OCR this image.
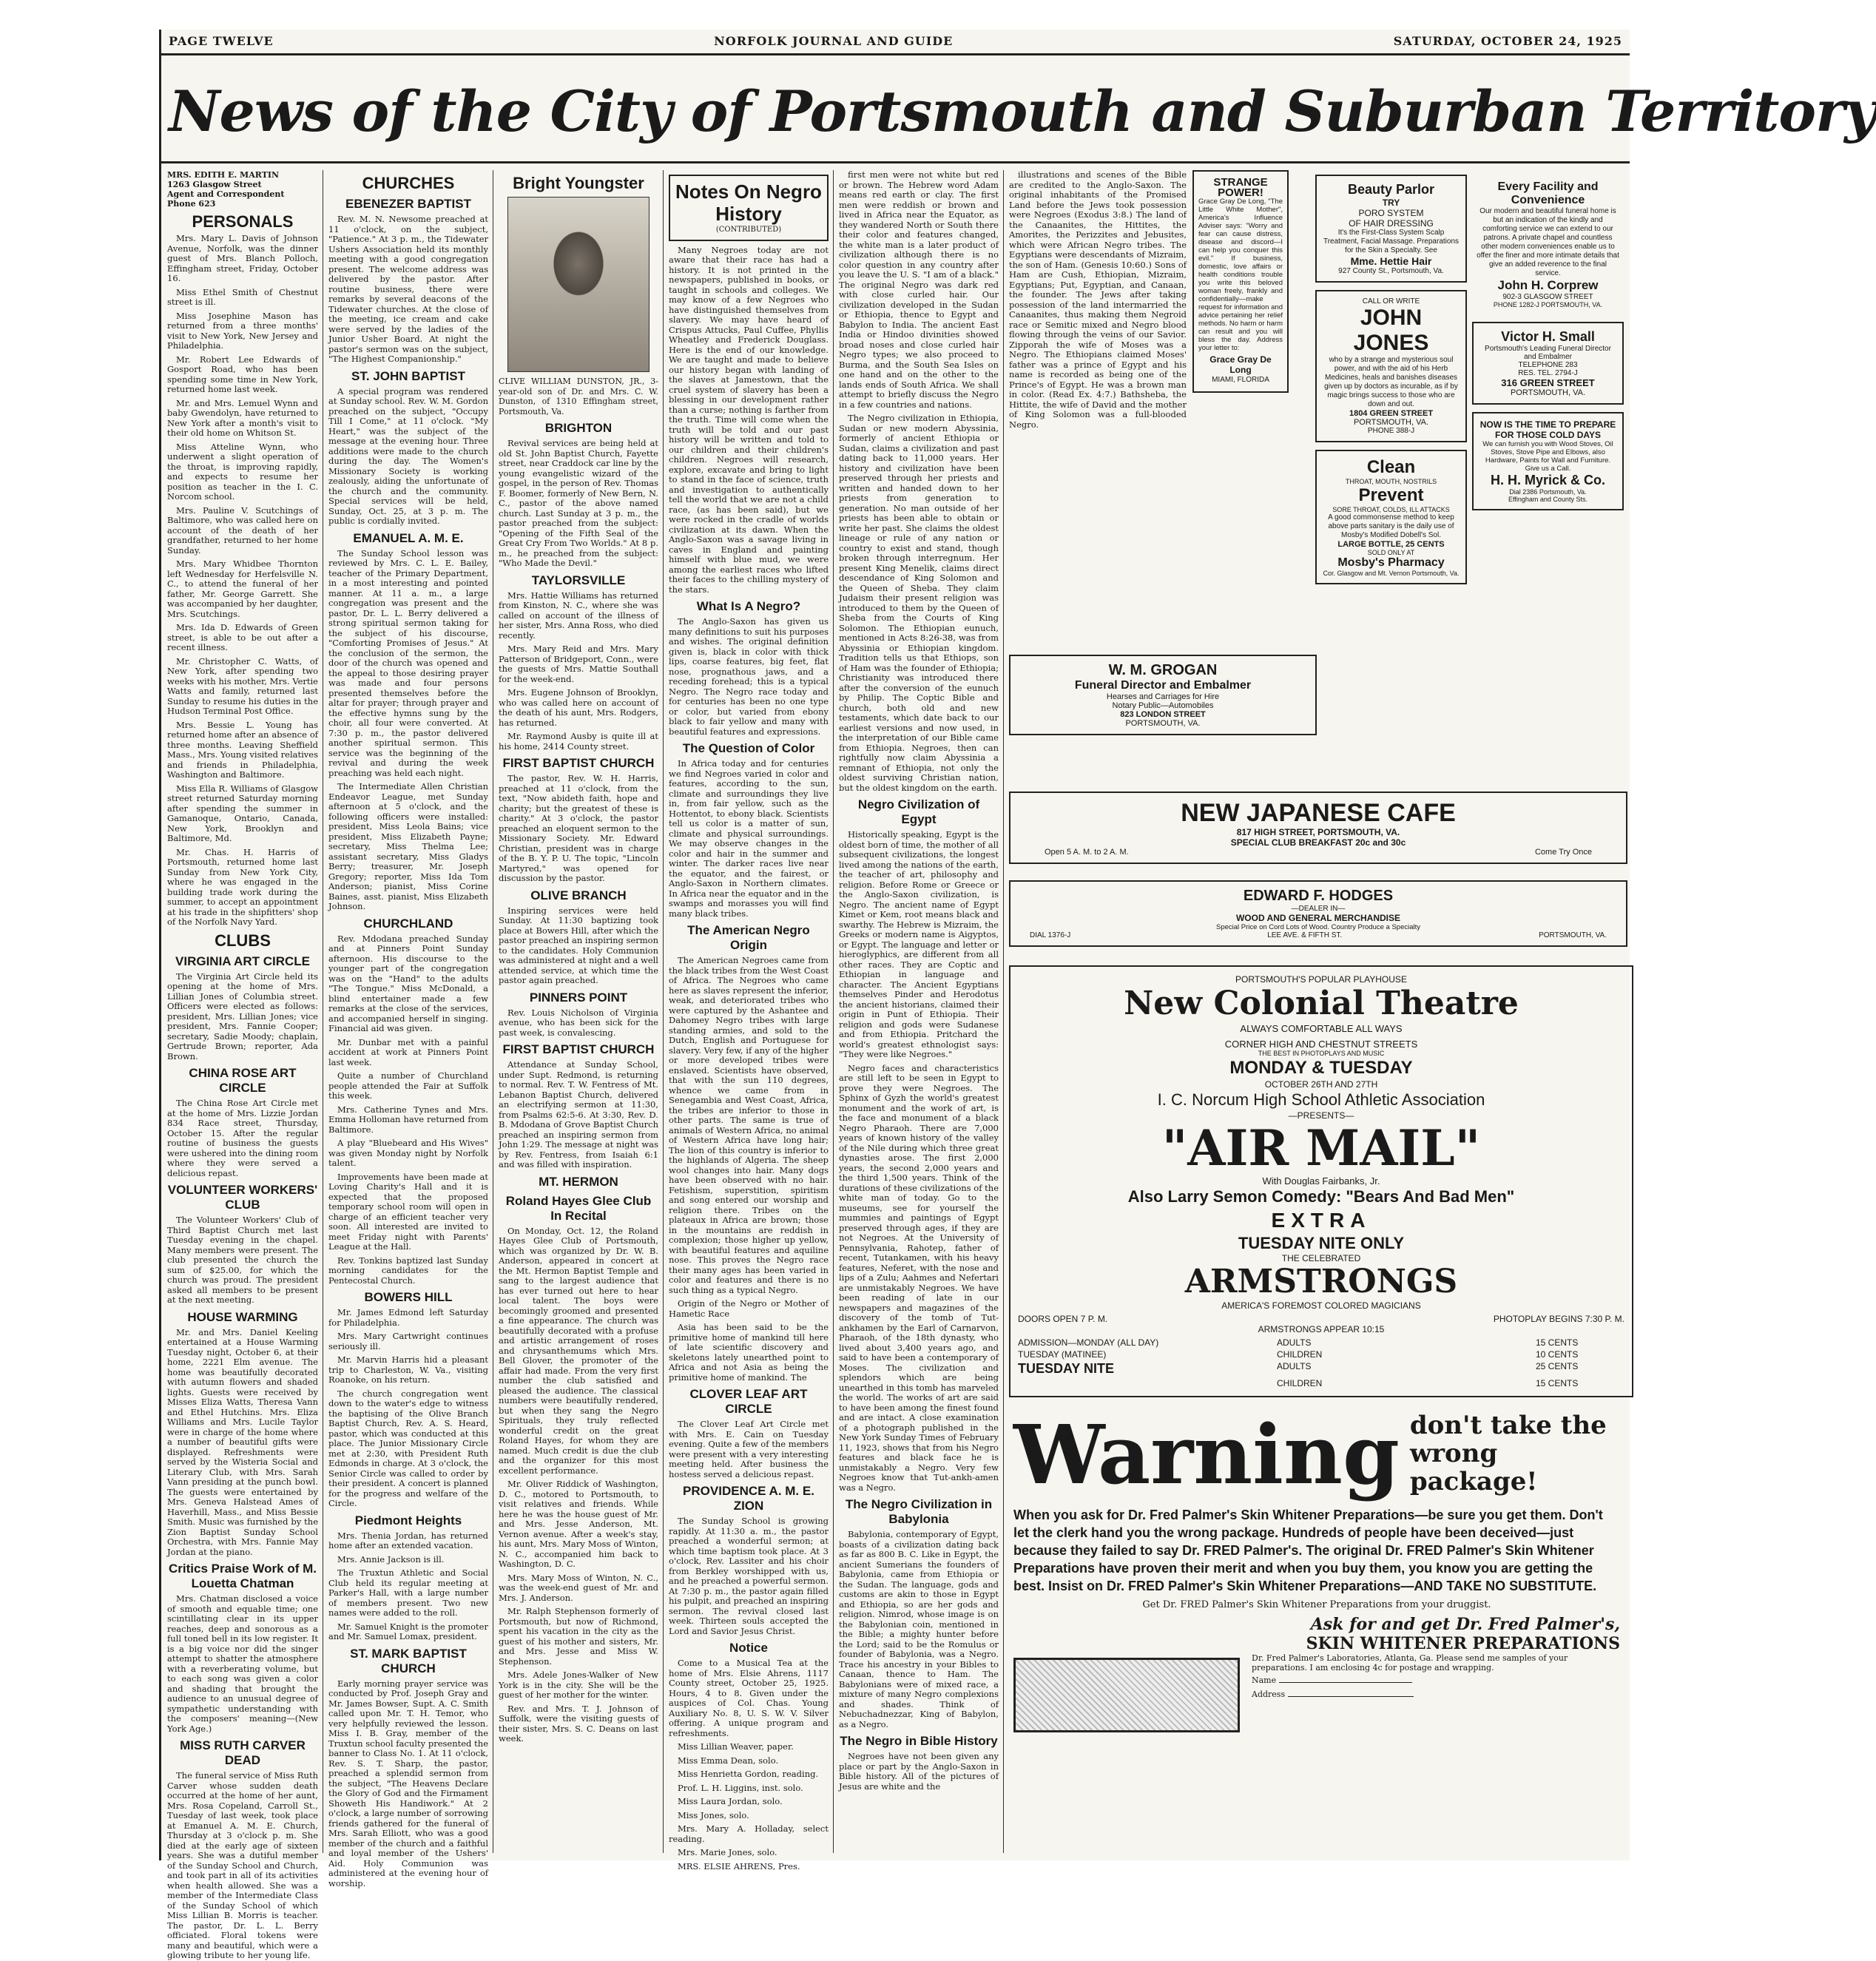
PAGE TWELVE	NORFOLK JOURNAL AND GUIDE	SATURDAY, OCTOBER 24, 1925
News of the City of Portsmouth and Suburban Territory
MRS. EDITH E. MARTIN
1263 Glasgow Street
Agent and Correspondent
Phone 623
PERSONALS
Mrs. Mary L. Davis of Johnson Avenue, Norfolk, was the dinner guest of Mrs. Blanch Polloch, Effingham street, Friday, October 16.
Miss Ethel Smith of Chestnut street is ill.
Miss Josephine Mason has returned from a three months' visit to New York, New Jersey and Philadelphia.
Mr. Robert Lee Edwards of Gosport Road, who has been spending some time in New York, returned home last week.
Mr. and Mrs. Lemuel Wynn and baby Gwendolyn, have returned to New York after a month's visit to their old home on Whitson St.
Miss Atteline Wynn, who underwent a slight operation of the throat, is improving rapidly, and expects to resume her position as teacher in the I. C. Norcom school.
Mrs. Pauline V. Scutchings of Baltimore, who was called here on account of the death of her grandfather, returned to her home Sunday.
Mrs. Mary Whidbee Thornton left Wednesday for Herfelsville N. C., to attend the funeral of her father, Mr. George Garrett. She was accompanied by her daughter, Mrs. Scutchings.
Mrs. Ida D. Edwards of Green street, is able to be out after a recent illness.
Mr. Christopher C. Watts, of New York, after spending two weeks with his mother, Mrs. Vertie Watts and family, returned last Sunday to resume his duties in the Hudson Terminal Post Office.
Mrs. Bessie L. Young has returned home after an absence of three months. Leaving Sheffield Mass., Mrs. Young visited relatives and friends in Philadelphia, Washington and Baltimore.
Miss Ella R. Williams of Glasgow street returned Saturday morning after spending the summer in Gamanoque, Ontario, Canada, New York, Brooklyn and Baltimore, Md.
Mr. Chas. H. Harris of Portsmouth, returned home last Sunday from New York City, where he was engaged in the building trade work during the summer, to accept an appointment at his trade in the shipfitters' shop of the Norfolk Navy Yard.
CLUBS
VIRGINIA ART CIRCLE
The Virginia Art Circle held its opening at the home of Mrs. Lillian Jones of Columbia street. Officers were elected as follows: president, Mrs. Lillian Jones; vice president, Mrs. Fannie Cooper; secretary, Sadie Moody; chaplain, Gertrude Brown; reporter, Ada Brown.
CHINA ROSE ART CIRCLE
The China Rose Art Circle met at the home of Mrs. Lizzie Jordan 834 Race street, Thursday, October 15. After the regular routine of business the guests were ushered into the dining room where they were served a delicious repast.
VOLUNTEER WORKERS' CLUB
The Volunteer Workers' Club of Third Baptist Church met last Tuesday evening in the chapel. Many members were present. The club presented the church the sum of $25.00, for which the church was proud. The president asked all members to be present at the next meeting.
HOUSE WARMING
Mr. and Mrs. Daniel Keeling entertained at a House Warming Tuesday night, October 6, at their home, 2221 Elm avenue. The home was beautifully decorated with autumn flowers and shaded lights. Guests were received by Misses Eliza Watts, Theresa Vann and Ethel Hutchins. Mrs. Eliza Williams and Mrs. Lucile Taylor were in charge of the home where a number of beautiful gifts were displayed. Refreshments were served by the Wisteria Social and Literary Club, with Mrs. Sarah Vann presiding at the punch bowl. The guests were entertained by Mrs. Geneva Halstead Ames of Haverhill, Mass., and Miss Bessie Smith. Music was furnished by the Zion Baptist Sunday School Orchestra, with Mrs. Fannie May Jordan at the piano.
Critics Praise Work of M. Louetta Chatman
Mrs. Chatman disclosed a voice of smooth and equable time; one scintillating clear in its upper reaches, deep and sonorous as a full toned bell in its low register. It is a big voice nor did the singer attempt to shatter the atmosphere with a reverberating volume, but to each song was given a color and shading that brought the audience to an unusual degree of sympathetic understanding with the composers' meaning—(New York Age.)
MISS RUTH CARVER DEAD
The funeral service of Miss Ruth Carver whose sudden death occurred at the home of her aunt, Mrs. Rosa Copeland, Carroll St., Tuesday of last week, took place at Emanuel A. M. E. Church, Thursday at 3 o'clock p. m. She died at the early age of sixteen years. She was a dutiful member of the Sunday School and Church, and took part in all of its activities when health allowed. She was a member of the Intermediate Class of the Sunday School of which Miss Lillian B. Morris is teacher. The pastor, Dr. L. L. Berry officiated. Floral tokens were many and beautiful, which were a glowing tribute to her young life.
CHURCHES
EBENEZER BAPTIST
Rev. M. N. Newsome preached at 11 o'clock, on the subject, "Patience." At 3 p. m., the Tidewater Ushers Association held its monthly meeting with a good congregation present. The welcome address was delivered by the pastor. After routine business, there were remarks by several deacons of the Tidewater churches. At the close of the meeting, ice cream and cake were served by the ladies of the Junior Usher Board. At night the pastor's sermon was on the subject, "The Highest Companionship."
ST. JOHN BAPTIST
A special program was rendered at Sunday school. Rev. W. M. Gordon preached on the subject, "Occupy Till I Come," at 11 o'clock. "My Heart," was the subject of the message at the evening hour. Three additions were made to the church during the day. The Women's Missionary Society is working zealously, aiding the unfortunate of the church and the community. Special services will be held, Sunday, Oct. 25, at 3 p. m. The public is cordially invited.
EMANUEL A. M. E.
The Sunday School lesson was reviewed by Mrs. C. L. E. Bailey, teacher of the Primary Department, in a most interesting and pointed manner. At 11 a. m., a large congregation was present and the pastor, Dr. L. L. Berry delivered a strong spiritual sermon taking for the subject of his discourse, "Comforting Promises of Jesus." At the conclusion of the sermon, the door of the church was opened and the appeal to those desiring prayer was made and four persons presented themselves before the altar for prayer; through prayer and the effective hymns sung by the choir, all four were converted. At 7:30 p. m., the pastor delivered another spiritual sermon. This service was the beginning of the revival and during the week preaching was held each night.
The Intermediate Allen Christian Endeavor League, met Sunday afternoon at 5 o'clock, and the following officers were installed: president, Miss Leola Bains; vice president, Miss Elizabeth Payne; secretary, Miss Thelma Lee; assistant secretary, Miss Gladys Berry; treasurer, Mr. Joseph Gregory; reporter, Miss Ida Tom Anderson; pianist, Miss Corine Baines, asst. pianist, Miss Elizabeth Johnson.
CHURCHLAND
Rev. Mdodana preached Sunday and at Pinners Point Sunday afternoon. His discourse to the younger part of the congregation was on the "Hand" to the adults "The Tongue." Miss McDonald, a blind entertainer made a few remarks at the close of the services, and accompanied herself in singing. Financial aid was given.
Mr. Dunbar met with a painful accident at work at Pinners Point last week.
Quite a number of Churchland people attended the Fair at Suffolk this week.
Mrs. Catherine Tynes and Mrs. Emma Holloman have returned from Baltimore.
A play "Bluebeard and His Wives" was given Monday night by Norfolk talent.
Improvements have been made at Loving Charity's Hall and it is expected that the proposed temporary school room will open in charge of an efficient teacher very soon. All interested are invited to meet Friday night with Parents' League at the Hall.
Rev. Tonkins baptized last Sunday morning candidates for the Pentecostal Church.
BOWERS HILL
Mr. James Edmond left Saturday for Philadelphia.
Mrs. Mary Cartwright continues seriously ill.
Mr. Marvin Harris hid a pleasant trip to Charleston, W. Va., visiting Roanoke, on his return.
The church congregation went down to the water's edge to witness the baptising of the Olive Branch Baptist Church, Rev. A. S. Heard, pastor, which was conducted at this place. The Junior Missionary Circle met at 2:30, with President Ruth Edmonds in charge. At 3 o'clock, the Senior Circle was called to order by their president. A concert is planned for the progress and welfare of the Circle.
Piedmont Heights
Mrs. Thenia Jordan, has returned home after an extended vacation.
Mrs. Annie Jackson is ill.
The Truxtun Athletic and Social Club held its regular meeting at Parker's Hall, with a large number of members present. Two new names were added to the roll.
Mr. Samuel Knight is the promoter and Mr. Samuel Lomax, president.
ST. MARK BAPTIST CHURCH
Early morning prayer service was conducted by Prof. Joseph Gray and Mr. James Bowser, Supt. A. C. Smith called upon Mr. T. H. Temor, who very helpfully reviewed the lesson. Miss I. B. Gray, member of the Truxtun school faculty presented the banner to Class No. 1. At 11 o'clock, Rev. S. T. Sharp, the pastor, preached a splendid sermon from the subject, "The Heavens Declare the Glory of God and the Firmament Showeth His Handiwork." At 2 o'clock, a large number of sorrowing friends gathered for the funeral of Mrs. Sarah Elliott, who was a good member of the church and a faithful and loyal member of the Ushers' Aid. Holy Communion was administered at the evening hour of worship.
Bright Youngster
CLIVE WILLIAM DUNSTON, JR., 3-year-old son of Dr. and Mrs. C. W. Dunston, of 1310 Effingham street, Portsmouth, Va.
BRIGHTON
Revival services are being held at old St. John Baptist Church, Fayette street, near Craddock car line by the young evangelistic wizard of the gospel, in the person of Rev. Thomas F. Boomer, formerly of New Bern, N. C., pastor of the above named church. Last Sunday at 3 p. m., the pastor preached from the subject: "Opening of the Fifth Seal of the Great Cry From Two Worlds." At 8 p. m., he preached from the subject: "Who Made the Devil."
TAYLORSVILLE
Mrs. Hattie Williams has returned from Kinston, N. C., where she was called on account of the illness of her sister, Mrs. Anna Ross, who died recently.
Mrs. Mary Reid and Mrs. Mary Patterson of Bridgeport, Conn., were the guests of Mrs. Mattie Southall for the week-end.
Mrs. Eugene Johnson of Brooklyn, who was called here on account of the death of his aunt, Mrs. Rodgers, has returned.
Mr. Raymond Ausby is quite ill at his home, 2414 County street.
FIRST BAPTIST CHURCH
The pastor, Rev. W. H. Harris, preached at 11 o'clock, from the text, "Now abideth faith, hope and charity; but the greatest of these is charity." At 3 o'clock, the pastor preached an eloquent sermon to the Missionary Society. Mr. Edward Christian, president was in charge of the B. Y. P. U. The topic, "Lincoln Martyred," was opened for discussion by the pastor.
OLIVE BRANCH
Inspiring services were held Sunday. At 11:30 baptizing took place at Bowers Hill, after which the pastor preached an inspiring sermon to the candidates. Holy Communion was administered at night and a well attended service, at which time the pastor again preached.
PINNERS POINT
Rev. Louis Nicholson of Virginia avenue, who has been sick for the past week, is convalescing.
FIRST BAPTIST CHURCH
Attendance at Sunday School, under Supt. Redmond, is returning to normal. Rev. T. W. Fentress of Mt. Lebanon Baptist Church, delivered an electrifying sermon at 11:30, from Psalms 62:5-6. At 3:30, Rev. D. B. Mdodana of Grove Baptist Church preached an inspiring sermon from John 1:29. The message at night was by Rev. Fentress, from Isaiah 6:1 and was filled with inspiration.
MT. HERMON
Roland Hayes Glee Club In Recital
On Monday, Oct. 12, the Roland Hayes Glee Club of Portsmouth, which was organized by Dr. W. B. Anderson, appeared in concert at the Mt. Hermon Baptist Temple and sang to the largest audience that has ever turned out here to hear local talent. The boys were becomingly groomed and presented a fine appearance. The church was beautifully decorated with a profuse and artistic arrangement of roses and chrysanthemums which Mrs. Bell Glover, the promoter of the affair had made. From the very first number the club satisfied and pleased the audience. The classical numbers were beautifully rendered, but when they sang the Negro Spirituals, they truly reflected wonderful credit on the great Roland Hayes, for whom they are named. Much credit is due the club and the organizer for this most excellent performance.
Mr. Oliver Riddick of Washington, D. C., motored to Portsmouth, to visit relatives and friends. While here he was the house guest of Mr. and Mrs. Jesse Anderson, Mt. Vernon avenue. After a week's stay, his aunt, Mrs. Mary Moss of Winton, N. C., accompanied him back to Washington, D. C.
Mrs. Mary Moss of Winton, N. C., was the week-end guest of Mr. and Mrs. J. Anderson.
Mr. Ralph Stephenson formerly of Portsmouth, but now of Richmond, spent his vacation in the city as the guest of his mother and sisters, Mr. and Mrs. Jesse and Miss W. Stephenson.
Mrs. Adele Jones-Walker of New York is in the city. She will be the guest of her mother for the winter.
Rev. and Mrs. T. J. Johnson of Suffolk, were the visiting guests of their sister, Mrs. S. C. Deans on last week.
Notes On Negro History
(CONTRIBUTED)
Many Negroes today are not aware that their race has had a history. It is not printed in the newspapers, published in books, or taught in schools and colleges. We may know of a few Negroes who have distinguished themselves from slavery. We may have heard of Crispus Attucks, Paul Cuffee, Phyllis Wheatley and Frederick Douglass. Here is the end of our knowledge. We are taught and made to believe our history began with landing of the slaves at Jamestown, that the cruel system of slavery has been a blessing in our development rather than a curse; nothing is farther from the truth. Time will come when the truth will be told and our past history will be written and told to our children and their children's children. Negroes will research, explore, excavate and bring to light to stand in the face of science, truth and investigation to authentically tell the world that we are not a child race, (as has been said), but we were rocked in the cradle of worlds civilization at its dawn. When the Anglo-Saxon was a savage living in caves in England and painting himself with blue mud, we were among the earliest races who lifted their faces to the chilling mystery of the stars.
What Is A Negro?
The Anglo-Saxon has given us many definitions to suit his purposes and wishes. The original definition given is, black in color with thick lips, coarse features, big feet, flat nose, prognathous jaws, and a receding forehead; this is a typical Negro. The Negro race today and for centuries has been no one type or color, but varied from ebony black to fair yellow and many with beautiful features and expressions.
The Question of Color
In Africa today and for centuries we find Negroes varied in color and features, according to the sun, climate and surroundings they live in, from fair yellow, such as the Hottentot, to ebony black. Scientists tell us color is a matter of sun, climate and physical surroundings. We may observe changes in the color and hair in the summer and winter. The darker races live near the equator, and the fairest, or Anglo-Saxon in Northern climates. In Africa near the equator and in the swamps and morasses you will find many black tribes.
The American Negro Origin
The American Negroes came from the black tribes from the West Coast of Africa. The Negroes who came here as slaves represent the inferior, weak, and deteriorated tribes who were captured by the Ashantee and Dahomey Negro tribes with large standing armies, and sold to the Dutch, English and Portuguese for slavery. Very few, if any of the higher or more developed tribes were enslaved. Scientists have observed, that with the sun 110 degrees, whence we came from in Senegambia and West Coast, Africa, the tribes are inferior to those in other parts. The same is true of animals of Western Africa, no animal of Western Africa have long hair; The lion of this country is inferior to the highlands of Algeria. The sheep wool changes into hair. Many dogs have been observed with no hair. Fetishism, superstition, spiritism and song entered our worship and religion there. Tribes on the plateaux in Africa are brown; those in the mountains are reddish in complexion; those higher up yellow, with beautiful features and aquiline nose. This proves the Negro race their many ages has been varied in color and features and there is no such thing as a typical Negro.
Origin of the Negro or Mother of Hametic Race
Asia has been said to be the primitive home of mankind till here of late scientific discovery and skeletons lately unearthed point to Africa and not Asia as being the primitive home of mankind. The
CLOVER LEAF ART CIRCLE
The Clover Leaf Art Circle met with Mrs. E. Cain on Tuesday evening. Quite a few of the members were present with a very interesting meeting held. After business the hostess served a delicious repast.
PROVIDENCE A. M. E. ZION
The Sunday School is growing rapidly. At 11:30 a. m., the pastor preached a wonderful sermon; at which time baptism took place. At 3 o'clock, Rev. Lassiter and his choir from Berkley worshipped with us, and he preached a powerful sermon. At 7:30 p. m., the pastor again filled his pulpit, and preached an inspiring sermon. The revival closed last week. Thirteen souls accepted the Lord and Savior Jesus Christ.
Notice
Come to a Musical Tea at the home of Mrs. Elsie Ahrens, 1117 County street, October 25, 1925. Hours, 4 to 8. Given under the auspices of Col. Chas. Young Auxiliary No. 8, U. S. W. V. Silver offering. A unique program and refreshments.
Miss Lillian Weaver, paper.
Miss Emma Dean, solo.
Miss Henrietta Gordon, reading.
Prof. L. H. Liggins, inst. solo.
Miss Laura Jordan, solo.
Miss Jones, solo.
Mrs. Mary A. Holladay, select reading.
Mrs. Marie Jones, solo.
MRS. ELSIE AHRENS, Pres.
first men were not white but red or brown. The Hebrew word Adam means red earth or clay. The first men were reddish or brown and lived in Africa near the Equator, as they wandered North or South there their color and features changed, the white man is a later product of civilization although there is no color question in any country after you leave the U. S. "I am of a black." The original Negro was dark red with close curled hair. Our civilization developed in the Sudan or Ethiopia, thence to Egypt and Babylon to India. The ancient East India or Hindoo divinities showed broad noses and close curled hair Negro types; we also proceed to Burma, and the South Sea Isles on one hand and on the other to the lands ends of South Africa. We shall attempt to briefly discuss the Negro in a few countries and nations.
The Negro civilization in Ethiopia, Sudan or new modern Abyssinia, formerly of ancient Ethiopia or Sudan, claims a civilization and past dating back to 11,000 years. Her history and civilization have been preserved through her priests and written and handed down to her priests from generation to generation. No man outside of her priests has been able to obtain or write her past. She claims the oldest lineage or rule of any nation or country to exist and stand, though broken through interregnum. Her present King Menelik, claims direct descendance of King Solomon and the Queen of Sheba. They claim Judaism their present religion was introduced to them by the Queen of Sheba from the Courts of King Solomon. The Ethiopian eunuch, mentioned in Acts 8:26-38, was from Abyssinia or Ethiopian kingdom. Tradition tells us that Ethiops, son of Ham was the founder of Ethiopia; Christianity was introduced there after the conversion of the eunuch by Philip. The Coptic Bible and church, both old and new testaments, which date back to our earliest versions and now used, in the interpretation of our Bible came from Ethiopia. Negroes, then can rightfully now claim Abyssinia a remnant of Ethiopia, not only the oldest surviving Christian nation, but the oldest kingdom on the earth.
Negro Civilization of Egypt
Historically speaking, Egypt is the oldest born of time, the mother of all subsequent civilizations, the longest lived among the nations of the earth, the teacher of art, philosophy and religion. Before Rome or Greece or the Anglo-Saxon civilization, is Negro. The ancient name of Egypt Kimet or Kem, root means black and swarthy. The Hebrew is Mizraim, the Greeks or modern name is Aigyptos, or Egypt. The language and letter or hieroglyphics, are different from all other races. They are Coptic and Ethiopian in language and character. The Ancient Egyptians themselves Pinder and Herodotus the ancient historians, claimed their origin in Punt of Ethiopia. Their religion and gods were Sudanese and from Ethiopia. Pritchard the world's greatest ethnologist says: "They were like Negroes."
Negro faces and characteristics are still left to be seen in Egypt to prove they were Negroes. The Sphinx of Gyzh the world's greatest monument and the work of art, is the face and monument of a black Negro Pharaoh. There are 7,000 years of known history of the valley of the Nile during which three great dynasties arose. The first 2,000 years, the second 2,000 years and the third 1,500 years. Think of the durations of these civilizations of the white man of today. Go to the museums, see for yourself the mummies and paintings of Egypt preserved through ages, if they are not Negroes. At the University of Pennsylvania, Rahotep, father of recent, Tutankamen, with his heavy features, Neferet, with the nose and lips of a Zulu; Aahmes and Nefertari are unmistakably Negroes. We have been reading of late in our newspapers and magazines of the discovery of the tomb of Tut-ankhamen by the Earl of Carnarvon, Pharaoh, of the 18th dynasty, who lived about 3,400 years ago, and said to have been a contemporary of Moses. The civilization and splendors which are being unearthed in this tomb has marveled the world. The works of art are said to have been among the finest found and are intact. A close examination of a photograph published in the New York Sunday Times of February 11, 1923, shows that from his Negro features and black face he is unmistakably a Negro. Very few Negroes know that Tut-ankh-amen was a Negro.
The Negro Civilization in Babylonia
Babylonia, contemporary of Egypt, boasts of a civilization dating back as far as 800 B. C. Like in Egypt, the ancient Sumerians the founders of Babylonia, came from Ethiopia or the Sudan. The language, gods and customs are akin to those in Egypt and Ethiopia, so are her gods and religion. Nimrod, whose image is on the Babylonian coin, mentioned in the Bible; a mighty hunter before the Lord; said to be the Romulus or founder of Babylonia, was a Negro. Trace his ancestry in your Bibles to Canaan, thence to Ham. The Babylonians were of mixed race, a mixture of many Negro complexions and shades. Think of Nebuchadnezzar, King of Babylon, as a Negro.
The Negro in Bible History
Negroes have not been given any place or part by the Anglo-Saxon in Bible history. All of the pictures of Jesus are white and the
illustrations and scenes of the Bible are credited to the Anglo-Saxon. The original inhabitants of the Promised Land before the Jews took possession were Negroes (Exodus 3:8.) The land of the Canaanites, the Hittites, the Amorites, the Perizzites and Jebusites, which were African Negro tribes. The Egyptians were descendants of Mizraim, the son of Ham. (Genesis 10:60.) Sons of Ham are Cush, Ethiopian, Mizraim, Egyptians; Put, Egyptian, and Canaan, the founder. The Jews after taking possession of the land intermarried the Canaanites, thus making them Negroid race or Semitic mixed and Negro blood flowing through the veins of our Savior. Zipporah the wife of Moses was a Negro. The Ethiopians claimed Moses' father was a prince of Egypt and his name is recorded as being one of the Prince's of Egypt. He was a brown man in color. (Read Ex. 4:7.) Bathsheba, the Hittite, the wife of David and the mother of King Solomon was a full-blooded Negro.
STRANGE POWER!
Grace Gray De Long, "The Little White Mother", America's Influence Adviser says: "Worry and fear can cause distress, disease and discord—I can help you conquer this evil." If business, domestic, love affairs or health conditions trouble you write this beloved woman freely, frankly and confidentially—make request for information and advice pertaining her relief methods. No harm or harm can result and you will bless the day. Address your letter to:
Grace Gray De Long
MIAMI, FLORIDA
Beauty Parlor
TRY
PORO SYSTEM
OF HAIR DRESSING
It's the First-Class System Scalp Treatment, Facial Massage. Preparations for the Skin a Specialty. See
Mme. Hettie Hair
927 County St., Portsmouth, Va.
CALL OR WRITE
JOHN JONES
who by a strange and mysterious soul power, and with the aid of his Herb Medicines, heals and banishes diseases given up by doctors as incurable, as if by magic brings success to those who are down and out.
1804 GREEN STREET
PORTSMOUTH, VA.
PHONE 388-J
Clean
THROAT, MOUTH, NOSTRILS
Prevent
SORE THROAT, COLDS, ILL ATTACKS
A good commonsense method to keep above parts sanitary is the daily use of Mosby's Modified Dobell's Sol.
LARGE BOTTLE, 25 CENTS
SOLD ONLY AT
Mosby's Pharmacy
Cor. Glasgow and Mt. Vernon Portsmouth, Va.
Every Facility and Convenience
Our modern and beautiful funeral home is but an indication of the kindly and comforting service we can extend to our patrons. A private chapel and countless other modern conveniences enable us to offer the finer and more intimate details that give an added reverence to the final service.
John H. Corprew
902-3 GLASGOW STREET
PHONE 1282-J PORTSMOUTH, VA.
Victor H. Small
Portsmouth's Leading Funeral Director and Embalmer
TELEPHONE 283
RES. TEL. 2794-J
316 GREEN STREET
PORTSMOUTH, VA.
NOW IS THE TIME TO PREPARE FOR THOSE COLD DAYS
We can furnish you with Wood Stoves, Oil Stoves, Stove Pipe and Elbows, also Hardware, Paints for Wall and Furniture. Give us a Call.
H. H. Myrick & Co.
Dial 2386 Portsmouth, Va.
Effingham and County Sts.
W. M. GROGAN
Funeral Director and Embalmer
Hearses and Carriages for Hire
Notary Public—Automobiles
823 LONDON STREET
PORTSMOUTH, VA.
NEW JAPANESE CAFE
817 HIGH STREET, PORTSMOUTH, VA.
SPECIAL CLUB BREAKFAST 20c and 30c
Open 5 A. M. to 2 A. M.	Come Try Once
EDWARD F. HODGES
—DEALER IN—
WOOD AND GENERAL MERCHANDISE
Special Price on Cord Lots of Wood. Country Produce a Specialty
DIAL 1376-J	LEE AVE. & FIFTH ST.	PORTSMOUTH, VA.
PORTSMOUTH'S POPULAR PLAYHOUSE
New Colonial Theatre
ALWAYS COMFORTABLE ALL WAYS
CORNER HIGH AND CHESTNUT STREETS
THE BEST IN PHOTOPLAYS AND MUSIC
MONDAY & TUESDAY
OCTOBER 26TH AND 27TH
I. C. Norcum High School Athletic Association
—PRESENTS—
"AIR MAIL"
With Douglas Fairbanks, Jr.
Also Larry Semon Comedy: "Bears And Bad Men"
EXTRA
TUESDAY NITE ONLY
THE CELEBRATED
ARMSTRONGS
AMERICA'S FOREMOST COLORED MAGICIANS
DOORS OPEN 7 P. M.	PHOTOPLAY BEGINS 7:30 P. M.
ARMSTRONGS APPEAR 10:15
ADMISSION—MONDAY (ALL DAY)	ADULTS	15 CENTS
TUESDAY (MATINEE)	CHILDREN	10 CENTS
TUESDAY NITE	ADULTS	25 CENTS
CHILDREN	15 CENTS
Warning don't take the wrong package!
When you ask for Dr. Fred Palmer's Skin Whitener Preparations—be sure you get them. Don't let the clerk hand you the wrong package. Hundreds of people have been deceived—just because they failed to say Dr. FRED Palmer's. The original Dr. FRED Palmer's Skin Whitener Preparations have proven their merit and when you buy them, you know you are getting the best. Insist on Dr. FRED Palmer's Skin Whitener Preparations—AND TAKE NO SUBSTITUTE.
Get Dr. FRED Palmer's Skin Whitener Preparations from your druggist.
Ask for and get Dr. Fred Palmer's,
SKIN WHITENER PREPARATIONS
Dr. Fred Palmer's Laboratories, Atlanta, Ga. Please send me samples of your preparations. I am enclosing 4c for postage and wrapping.
Name
Address
